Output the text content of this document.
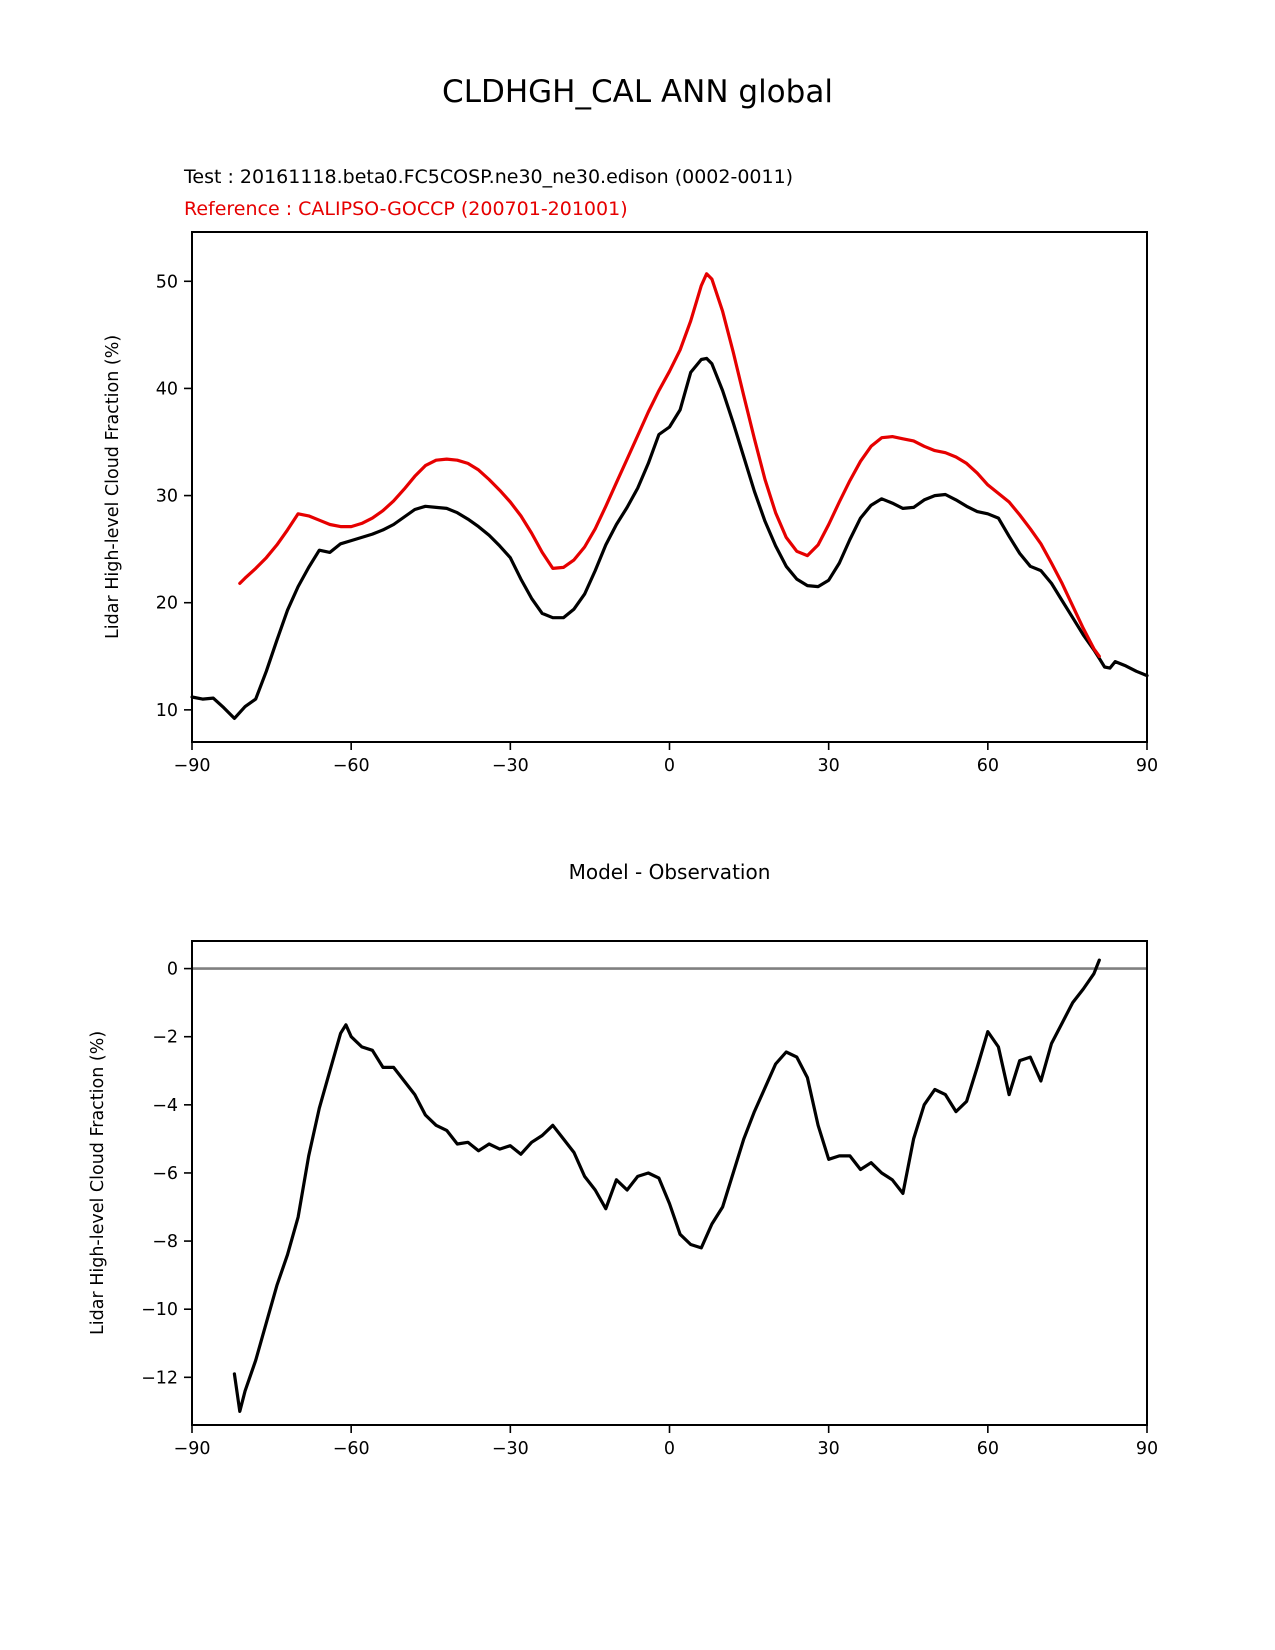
CLDHGH_CAL ANN global
Test : 20161118.beta0.FC5COSP.ne30_ne30.edison (0002-0011)
Reference : CALIPSO-GOCCP (200701-201001)
Lidar High-level Cloud Fraction (%)
−90	−60	−30	0	30	60	90
10
20
30
40
50
Model - Observation
Lidar High-level Cloud Fraction (%)
−90	−60	−30	0	30	60	90
0
−2
−4
−6
−8
−10
−12
